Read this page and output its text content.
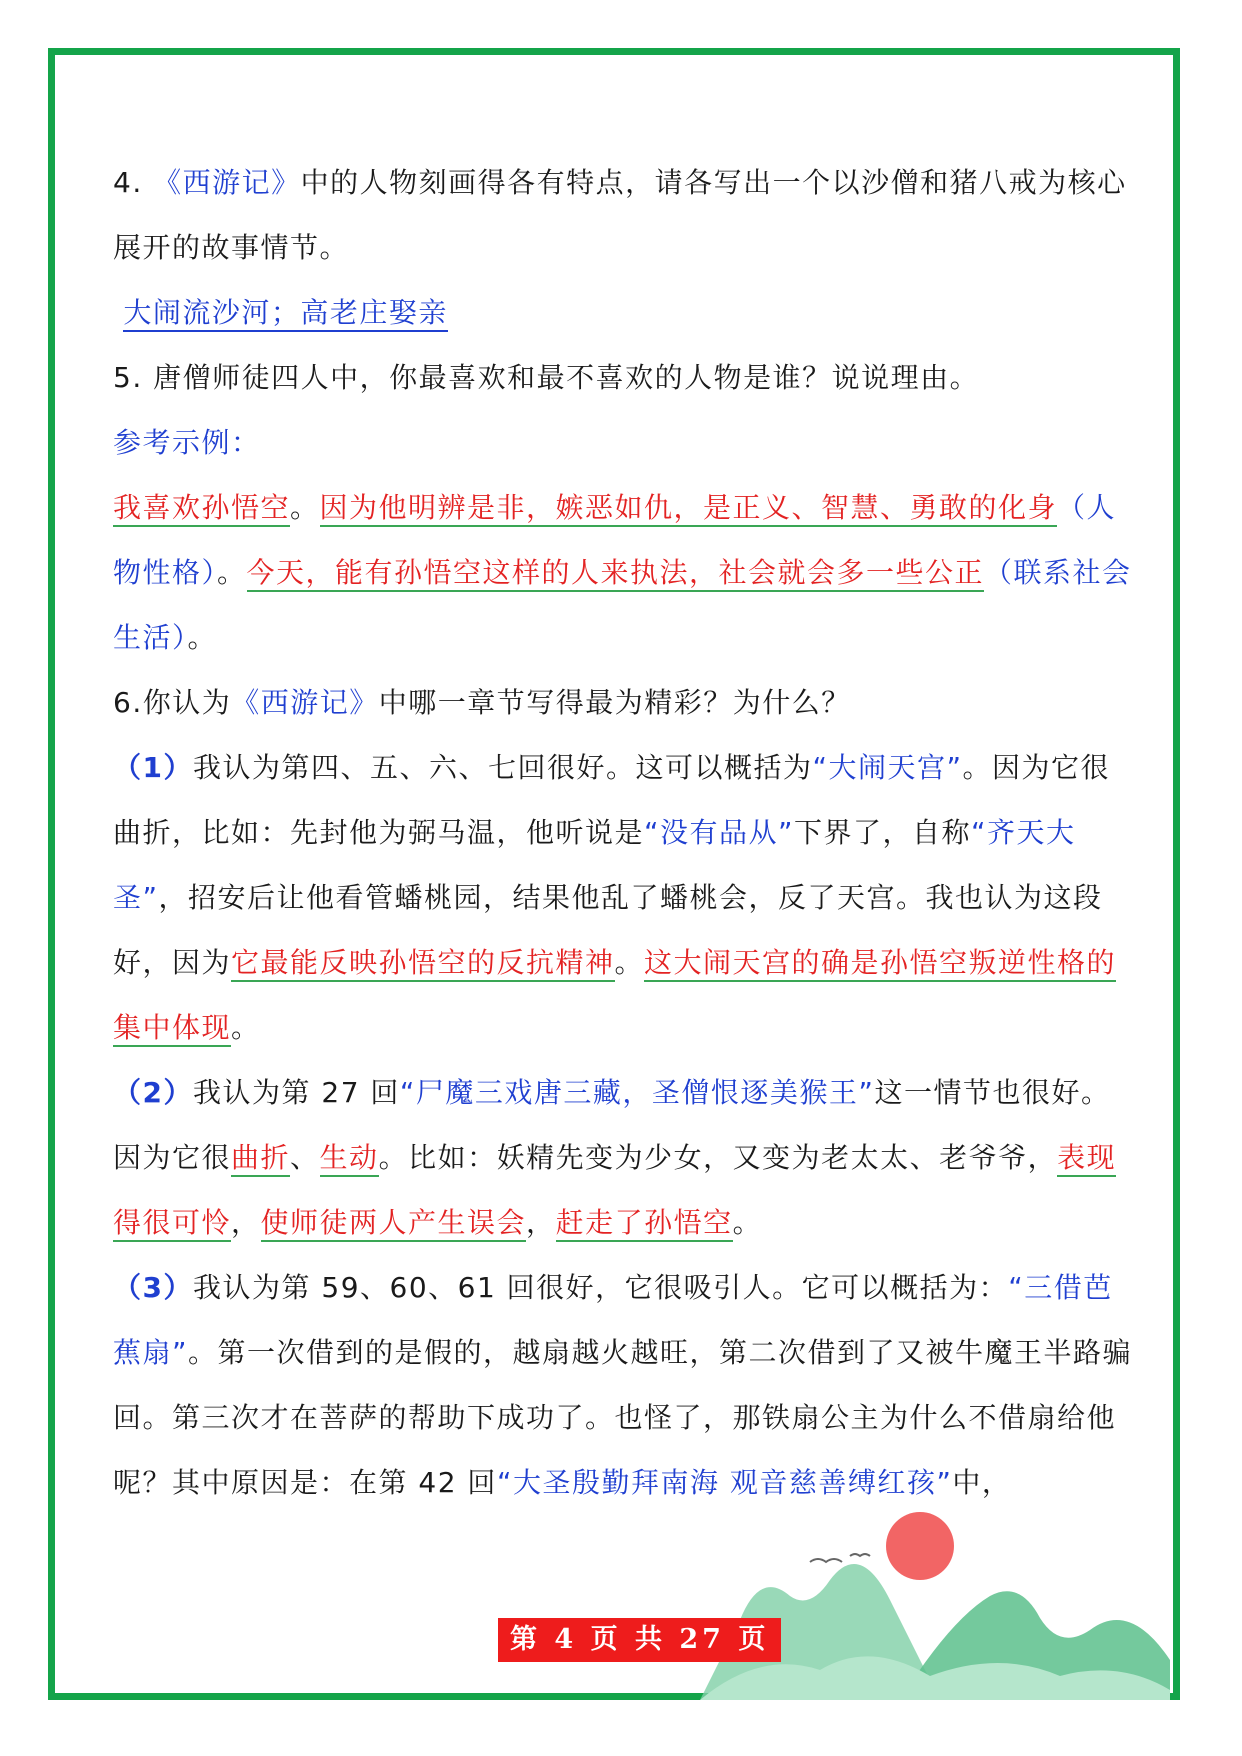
4. 《西游记》中的人物刻画得各有特点，请各写出一个以沙僧和猪八戒为核心展开的故事情节。

大闹流沙河；高老庄娶亲

5. 唐僧师徒四人中，你最喜欢和最不喜欢的人物是谁？说说理由。

参考示例：

我喜欢孙悟空。因为他明辨是非，嫉恶如仇，是正义、智慧、勇敢的化身（人物性格）。今天，能有孙悟空这样的人来执法，社会就会多一些公正（联系社会生活）。

6.你认为《西游记》中哪一章节写得最为精彩？为什么？

（1）我认为第四、五、六、七回很好。这可以概括为“大闹天宫”。因为它很曲折，比如：先封他为弼马温，他听说是“没有品从”下界了，自称“齐天大圣”，招安后让他看管蟠桃园，结果他乱了蟠桃会，反了天宫。我也认为这段好，因为它最能反映孙悟空的反抗精神。这大闹天宫的确是孙悟空叛逆性格的集中体现。

（2）我认为第 27 回“尸魔三戏唐三藏，圣僧恨逐美猴王”这一情节也很好。因为它很曲折、生动。比如：妖精先变为少女，又变为老太太、老爷爷，表现得很可怜，使师徒两人产生误会，赶走了孙悟空。

（3）我认为第 59、60、61 回很好，它很吸引人。它可以概括为：“三借芭蕉扇”。第一次借到的是假的，越扇越火越旺，第二次借到了又被牛魔王半路骗回。第三次才在菩萨的帮助下成功了。也怪了，那铁扇公主为什么不借扇给他呢？其中原因是：在第 42 回“大圣殷勤拜南海 观音慈善缚红孩”中，

第 4 页 共 27 页
